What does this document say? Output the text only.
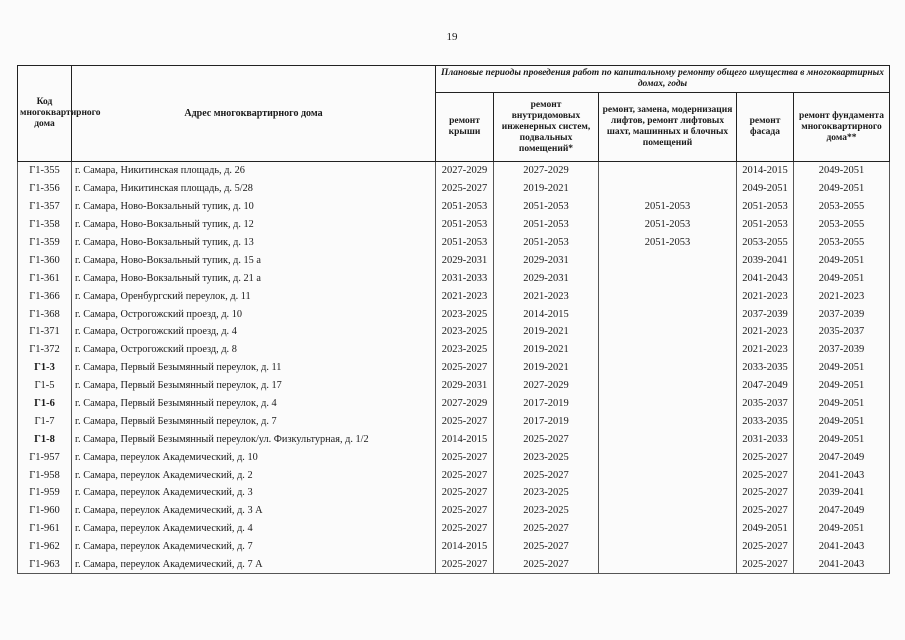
19
Код многоквартирного дома	Адрес многоквартирного дома	Плановые периоды проведения работ по капитальному ремонту общего имущества в многоквартирных домах, годы				
		ремонт крыши	ремонт внутридомовых инженерных систем, подвальных помещений*	ремонт, замена, модернизация лифтов, ремонт лифтовых шахт, машинных и блочных помещений	ремонт фасада	ремонт фундамента многоквартирного дома**
Г1-355	г. Самара, Никитинская площадь, д. 26	2027-2029	2027-2029		2014-2015	2049-2051
Г1-356	г. Самара, Никитинская площадь, д. 5/28	2025-2027	2019-2021		2049-2051	2049-2051
Г1-357	г. Самара, Ново-Вокзальный тупик, д. 10	2051-2053	2051-2053	2051-2053	2051-2053	2053-2055
Г1-358	г. Самара, Ново-Вокзальный тупик, д. 12	2051-2053	2051-2053	2051-2053	2051-2053	2053-2055
Г1-359	г. Самара, Ново-Вокзальный тупик, д. 13	2051-2053	2051-2053	2051-2053	2053-2055	2053-2055
Г1-360	г. Самара, Ново-Вокзальный тупик, д. 15 а	2029-2031	2029-2031		2039-2041	2049-2051
Г1-361	г. Самара, Ново-Вокзальный тупик, д. 21 а	2031-2033	2029-2031		2041-2043	2049-2051
Г1-366	г. Самара, Оренбургский переулок, д. 11	2021-2023	2021-2023		2021-2023	2021-2023
Г1-368	г. Самара, Острогожский проезд, д. 10	2023-2025	2014-2015		2037-2039	2037-2039
Г1-371	г. Самара, Острогожский проезд, д. 4	2023-2025	2019-2021		2021-2023	2035-2037
Г1-372	г. Самара, Острогожский проезд, д. 8	2023-2025	2019-2021		2021-2023	2037-2039
Г1-3	г. Самара, Первый Безымянный переулок, д. 11	2025-2027	2019-2021		2033-2035	2049-2051
Г1-5	г. Самара, Первый Безымянный переулок, д. 17	2029-2031	2027-2029		2047-2049	2049-2051
Г1-6	г. Самара, Первый Безымянный переулок, д. 4	2027-2029	2017-2019		2035-2037	2049-2051
Г1-7	г. Самара, Первый Безымянный переулок, д. 7	2025-2027	2017-2019		2033-2035	2049-2051
Г1-8	г. Самара, Первый Безымянный переулок/ул. Физкультурная, д. 1/2	2014-2015	2025-2027		2031-2033	2049-2051
Г1-957	г. Самара, переулок Академический, д. 10	2025-2027	2023-2025		2025-2027	2047-2049
Г1-958	г. Самара, переулок Академический, д. 2	2025-2027	2025-2027		2025-2027	2041-2043
Г1-959	г. Самара, переулок Академический, д. 3	2025-2027	2023-2025		2025-2027	2039-2041
Г1-960	г. Самара, переулок Академический, д. 3 А	2025-2027	2023-2025		2025-2027	2047-2049
Г1-961	г. Самара, переулок Академический, д. 4	2025-2027	2025-2027		2049-2051	2049-2051
Г1-962	г. Самара, переулок Академический, д. 7	2014-2015	2025-2027		2025-2027	2041-2043
Г1-963	г. Самара, переулок Академический, д. 7 А	2025-2027	2025-2027		2025-2027	2041-2043
